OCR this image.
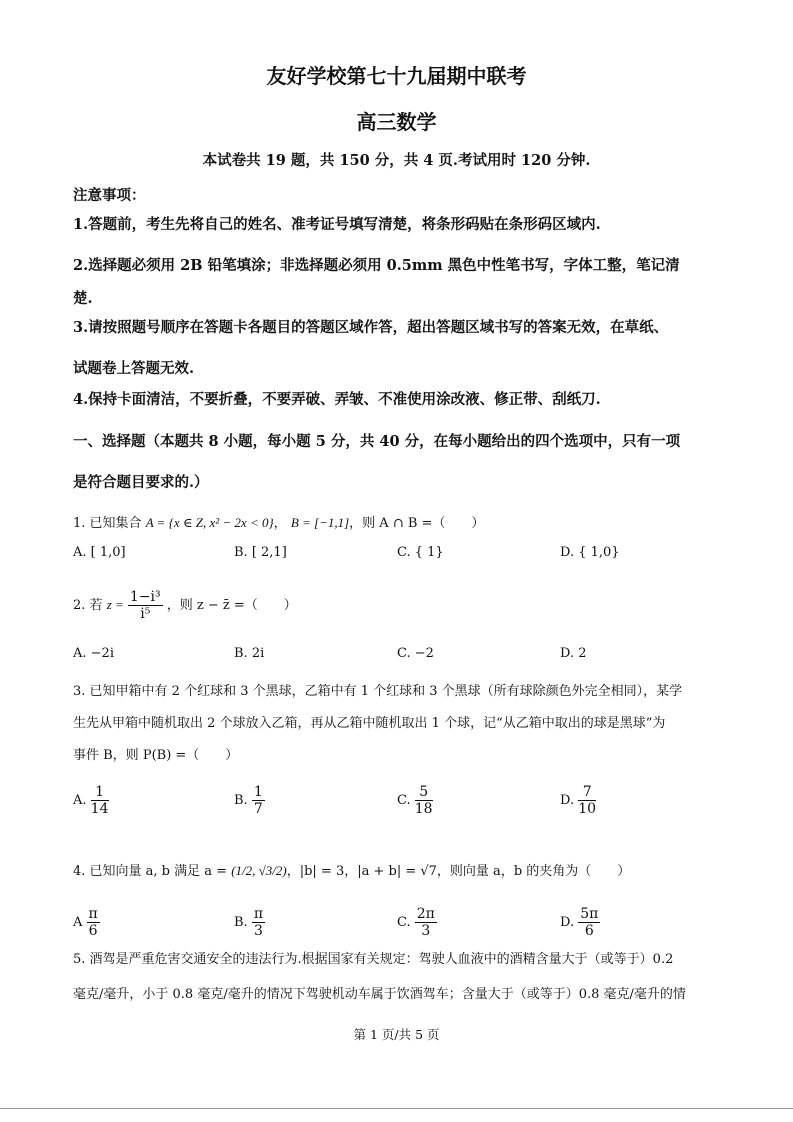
友好学校第七十九届期中联考
高三数学
本试卷共 19 题，共 150 分，共 4 页.考试用时 120 分钟.
注意事项：
1.答题前，考生先将自己的姓名、准考证号填写清楚，将条形码贴在条形码区域内.
2.选择题必须用 2B 铅笔填涂；非选择题必须用 0.5mm 黑色中性笔书写，字体工整，笔记清
楚.
3.请按照题号顺序在答题卡各题目的答题区域作答，超出答题区域书写的答案无效，在草纸、
试题卷上答题无效.
4.保持卡面清洁，不要折叠，不要弄破、弄皱、不准使用涂改液、修正带、刮纸刀.
一、选择题（本题共 8 小题，每小题 5 分，共 40 分，在每小题给出的四个选项中，只有一项
是符合题目要求的.）
1. 已知集合 A = {x ∈ Z, x² − 2x < 0}， B = [−1,1]，则 A ∩ B =（　　）
A. [ 1,0]	B. [ 2,1]	C. { 1}	D. { 1,0}
2. 若 $z = \frac{\text{1−i³}}{\text{i⁵}}$ ，则 z − z̄ =（　　）
A. −2i	B. 2i	C. −2	D. 2
3. 已知甲箱中有 2 个红球和 3 个黑球，乙箱中有 1 个红球和 3 个黑球（所有球除颜色外完全相同），某学
生先从甲箱中随机取出 2 个球放入乙箱，再从乙箱中随机取出 1 个球，记“从乙箱中取出的球是黑球”为
事件 B，则 P(B) =（　　）
A. $\frac{1}{14}$	B. $\frac{1}{7}$	C. $\frac{5}{18}$	D. $\frac{7}{10}$
4. 已知向量 a, b 满足 a = (1/2, √3/2)，|b| = 3，|a + b| = √7，则向量 a，b 的夹角为（　　）
A $\frac{\pi}{6}$	B. $\frac{\pi}{3}$	C. $\frac{2\pi}{3}$	D. $\frac{5\pi}{6}$
5. 酒驾是严重危害交通安全的违法行为.根据国家有关规定：驾驶人血液中的酒精含量大于（或等于）0.2
毫克/毫升，小于 0.8 毫克/毫升的情况下驾驶机动车属于饮酒驾车；含量大于（或等于）0.8 毫克/毫升的情
第 1 页/共 5 页
